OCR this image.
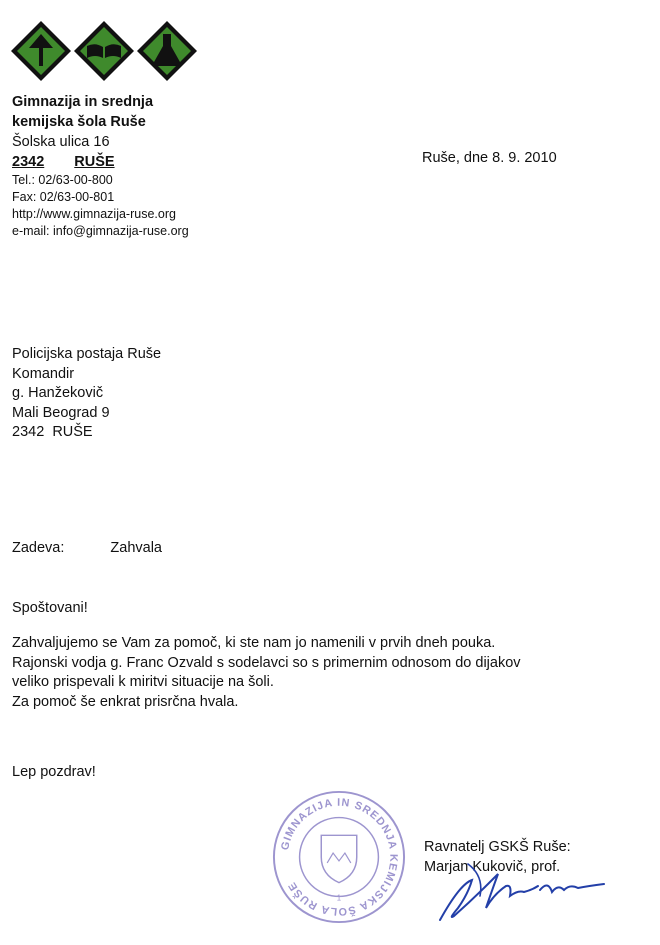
Gimnazija in srednja
kemijska šola Ruše
Šolska ulica 16
2342 RUŠE
Tel.: 02/63-00-800
Fax: 02/63-00-801
http://www.gimnazija-ruse.org
e-mail: info@gimnazija-ruse.org
Ruše, dne 8. 9. 2010
Policijska postaja Ruše
Komandir
g. Hanžekovič
Mali Beograd 9
2342  RUŠE
Zadeva:	Zahvala
Spoštovani!
Zahvaljujemo se Vam za pomoč, ki ste nam jo namenili v prvih dneh pouka.
Rajonski vodja g. Franc Ozvald s sodelavci so s primernim odnosom do dijakov
veliko prispevali k miritvi situacije na šoli.
Za pomoč še enkrat prisrčna hvala.
Lep pozdrav!
GIMNAZIJA IN SREDNJA KEMIJSKA ŠOLA RUŠE
1
Ravnatelj GSKŠ Ruše:
Marjan Kukovič, prof.
